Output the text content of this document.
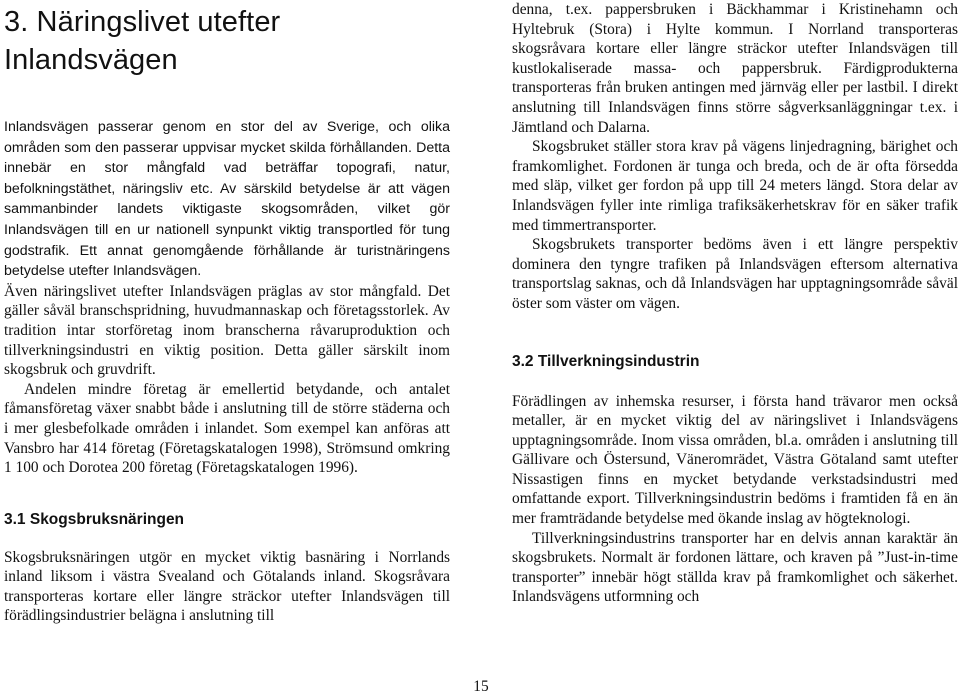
3. Näringslivet utefter
Inlandsvägen

Inlandsvägen passerar genom en stor del av Sverige, och olika områden som den passerar uppvisar mycket skilda förhållanden. Detta innebär en stor mångfald vad beträffar topografi, natur, befolkningstäthet, näringsliv etc. Av särskild betydelse är att vägen sammanbinder landets viktigaste skogsområden, vilket gör Inlandsvägen till en ur nationell synpunkt viktig transportled för tung godstrafik. Ett annat genomgående förhållande är turistnäringens betydelse utefter Inlandsvägen.

Även näringslivet utefter Inlandsvägen präglas av stor mångfald. Det gäller såväl branschspridning, huvudmannaskap och företagsstorlek. Av tradition intar storföretag inom branscherna råvaruproduktion och tillverkningsindustri en viktig position. Detta gäller särskilt inom skogsbruk och gruvdrift.

Andelen mindre företag är emellertid betydande, och antalet fåmansföretag växer snabbt både i anslutning till de större städerna och i mer glesbefolkade områden i inlandet. Som exempel kan anföras att Vansbro har 414 företag (Företagskatalogen 1998), Strömsund omkring 1 100 och Dorotea 200 företag (Företagskatalogen 1996).

3.1 Skogsbruksnäringen

Skogsbruksnäringen utgör en mycket viktig basnäring i Norrlands inland liksom i västra Svealand och Götalands inland. Skogsråvara transporteras kortare eller längre sträckor utefter Inlandsvägen till förädlingsindustrier belägna i anslutning till

denna, t.ex. pappersbruken i Bäckhammar i Kristinehamn och Hyltebruk (Stora) i Hylte kommun. I Norrland transporteras skogsråvara kortare eller längre sträckor utefter Inlandsvägen till kustlokaliserade massa- och pappersbruk. Färdigprodukterna transporteras från bruken antingen med järnväg eller per lastbil. I direkt anslutning till Inlandsvägen finns större sågverksanläggningar t.ex. i Jämtland och Dalarna.

Skogsbruket ställer stora krav på vägens linjedragning, bärighet och framkomlighet. Fordonen är tunga och breda, och de är ofta försedda med släp, vilket ger fordon på upp till 24 meters längd. Stora delar av Inlandsvägen fyller inte rimliga trafiksäkerhetskrav för en säker trafik med timmertransporter.

Skogsbrukets transporter bedöms även i ett längre perspektiv dominera den tyngre trafiken på Inlandsvägen eftersom alternativa transportslag saknas, och då Inlandsvägen har upptagningsområde såväl öster som väster om vägen.

3.2 Tillverkningsindustrin

Förädlingen av inhemska resurser, i första hand trävaror men också metaller, är en mycket viktig del av näringslivet i Inlandsvägens upptagningsområde. Inom vissa områden, bl.a. områden i anslutning till Gällivare och Östersund, Väneromrädet, Västra Götaland samt utefter Nissastigen finns en mycket betydande verkstadsindustri med omfattande export. Tillverkningsindustrin bedöms i framtiden få en än mer framträdande betydelse med ökande inslag av högteknologi.

Tillverkningsindustrins transporter har en delvis annan karaktär än skogsbrukets. Normalt är fordonen lättare, och kraven på ”Just-in-time transporter” innebär högt ställda krav på framkomlighet och säkerhet. Inlandsvägens utformning och

15
